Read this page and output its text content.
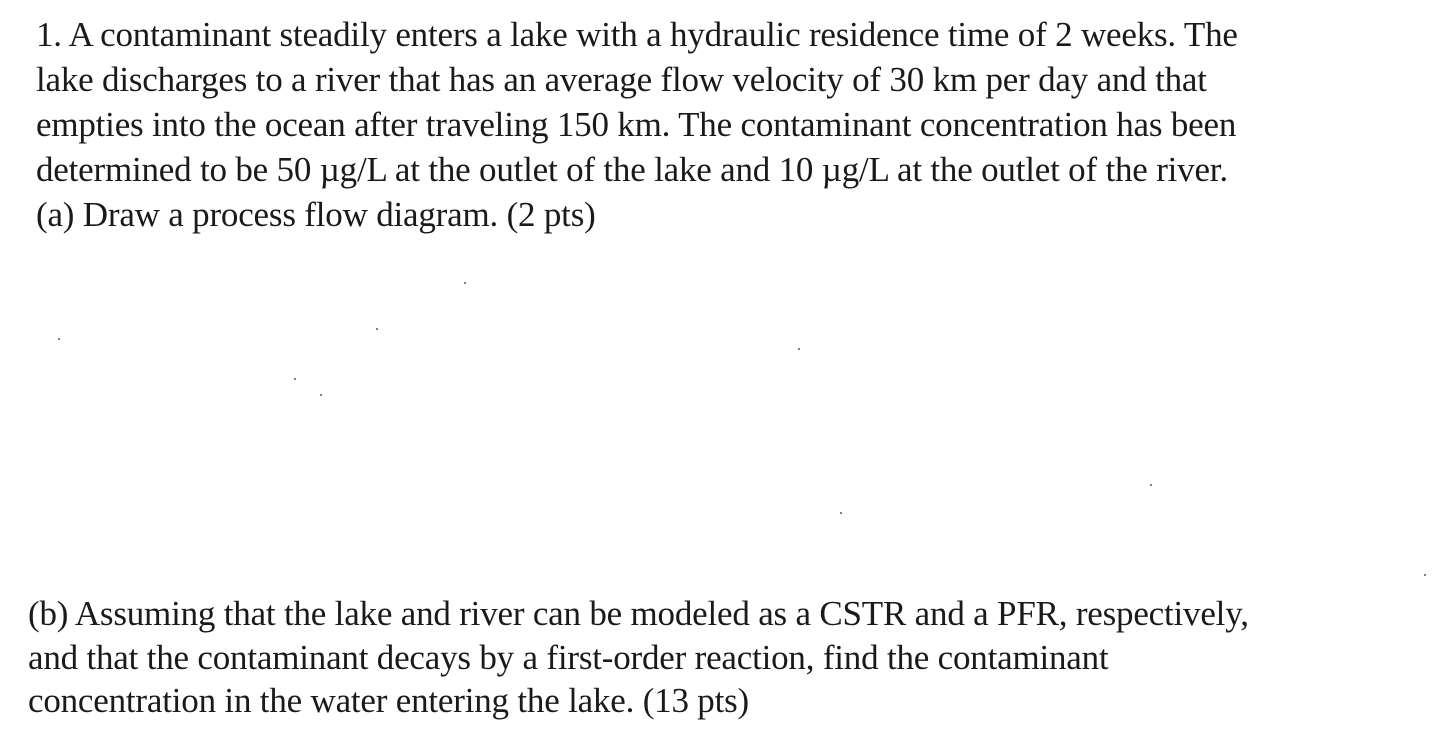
1. A contaminant steadily enters a lake with a hydraulic residence time of 2 weeks. The
lake discharges to a river that has an average flow velocity of 30 km per day and that
empties into the ocean after traveling 150 km. The contaminant concentration has been
determined to be 50 µg/L at the outlet of the lake and 10 µg/L at the outlet of the river.
(a) Draw a process flow diagram. (2 pts)
(b) Assuming that the lake and river can be modeled as a CSTR and a PFR, respectively,
and that the contaminant decays by a first-order reaction, find the contaminant
concentration in the water entering the lake. (13 pts)
